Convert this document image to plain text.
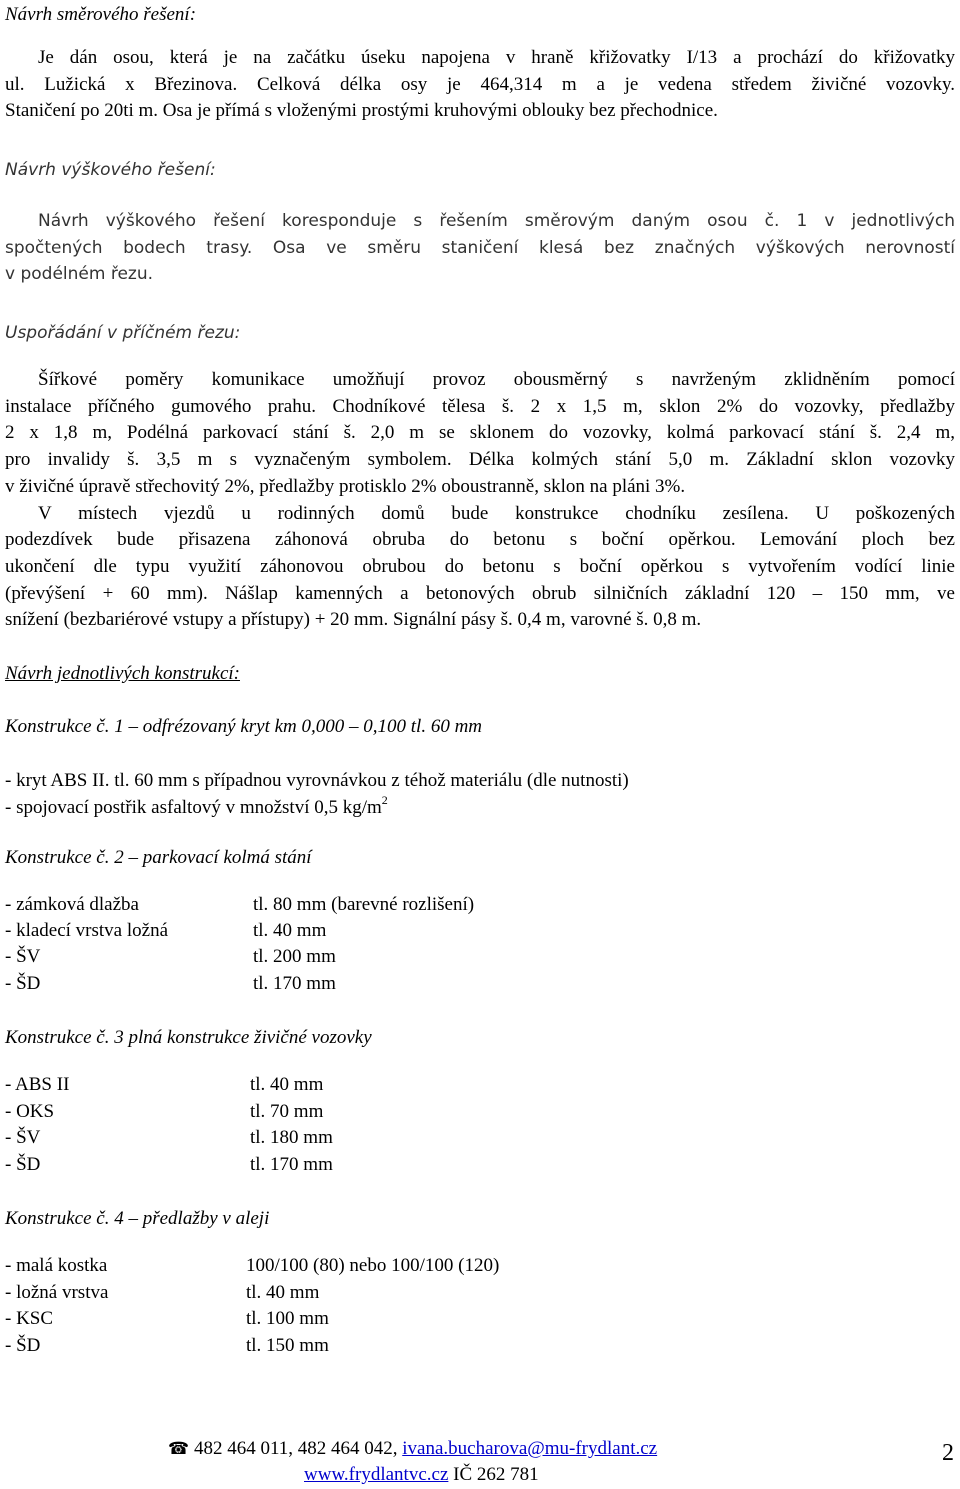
Návrh směrového řešení:
Je dán osou, která je na začátku úseku napojena v hraně křižovatky I/13 a prochází do křižovatky
ul. Lužická x Březinova. Celková délka osy je 464,314 m a je vedena středem živičné vozovky.
Staničení po 20ti m. Osa je přímá s vloženými prostými kruhovými oblouky bez přechodnice.
Návrh výškového řešení:
Návrh výškového řešení koresponduje s řešením směrovým daným osou č. 1 v jednotlivých
spočtených bodech trasy. Osa ve směru staničení klesá bez značných výškových nerovností
v podélném řezu.
Uspořádání v příčném řezu:
Šířkové poměry komunikace umožňují provoz obousměrný s navrženým zklidněním pomocí
instalace příčného gumového prahu. Chodníkové tělesa š. 2 x 1,5 m, sklon 2% do vozovky, předlažby
2 x 1,8 m, Podélná parkovací stání š. 2,0 m se sklonem do vozovky, kolmá parkovací stání š. 2,4 m,
pro invalidy š. 3,5 m s vyznačeným symbolem. Délka kolmých stání 5,0 m. Základní sklon vozovky
v živičné úpravě střechovitý 2%, předlažby protisklo 2% oboustranně, sklon na pláni 3%.
V místech vjezdů u rodinných domů bude konstrukce chodníku zesílena. U poškozených
podezdívek bude přisazena záhonová obruba do betonu s boční opěrkou. Lemování ploch bez
ukončení dle typu využití záhonovou obrubou do betonu s boční opěrkou s vytvořením vodící linie
(převýšení + 60 mm). Nášlap kamenných a betonových obrub silničních základní 120 – 150 mm, ve
snížení (bezbariérové vstupy a přístupy) + 20 mm. Signální pásy š. 0,4 m, varovné š. 0,8 m.
Návrh jednotlivých konstrukcí:
Konstrukce č. 1 – odfrézovaný kryt km 0,000 – 0,100 tl. 60 mm
- kryt ABS II. tl. 60 mm s případnou vyrovnávkou z téhož materiálu (dle nutnosti)
- spojovací postřik asfaltový v množství 0,5 $kg/m^2$
Konstrukce č. 2 – parkovací kolmá stání
- zámková dlažba	tl. 80 mm (barevné rozlišení)
- kladecí vrstva ložná	tl. 40 mm
- ŠV	tl. 200 mm
- ŠD	tl. 170 mm
Konstrukce č. 3 plná konstrukce živičné vozovky
- ABS II	tl. 40 mm
- OKS	tl. 70 mm
- ŠV	tl. 180 mm
- ŠD	tl. 170 mm
Konstrukce č. 4 – předlažby v aleji
- malá kostka	100/100 (80) nebo 100/100 (120)
- ložná vrstva	tl. 40 mm
- KSC	tl. 100 mm
- ŠD	tl. 150 mm
☎ 482 464 011, 482 464 042, ivana.bucharova@mu-frydlant.cz
www.frydlantvc.cz IČ 262 781
2
